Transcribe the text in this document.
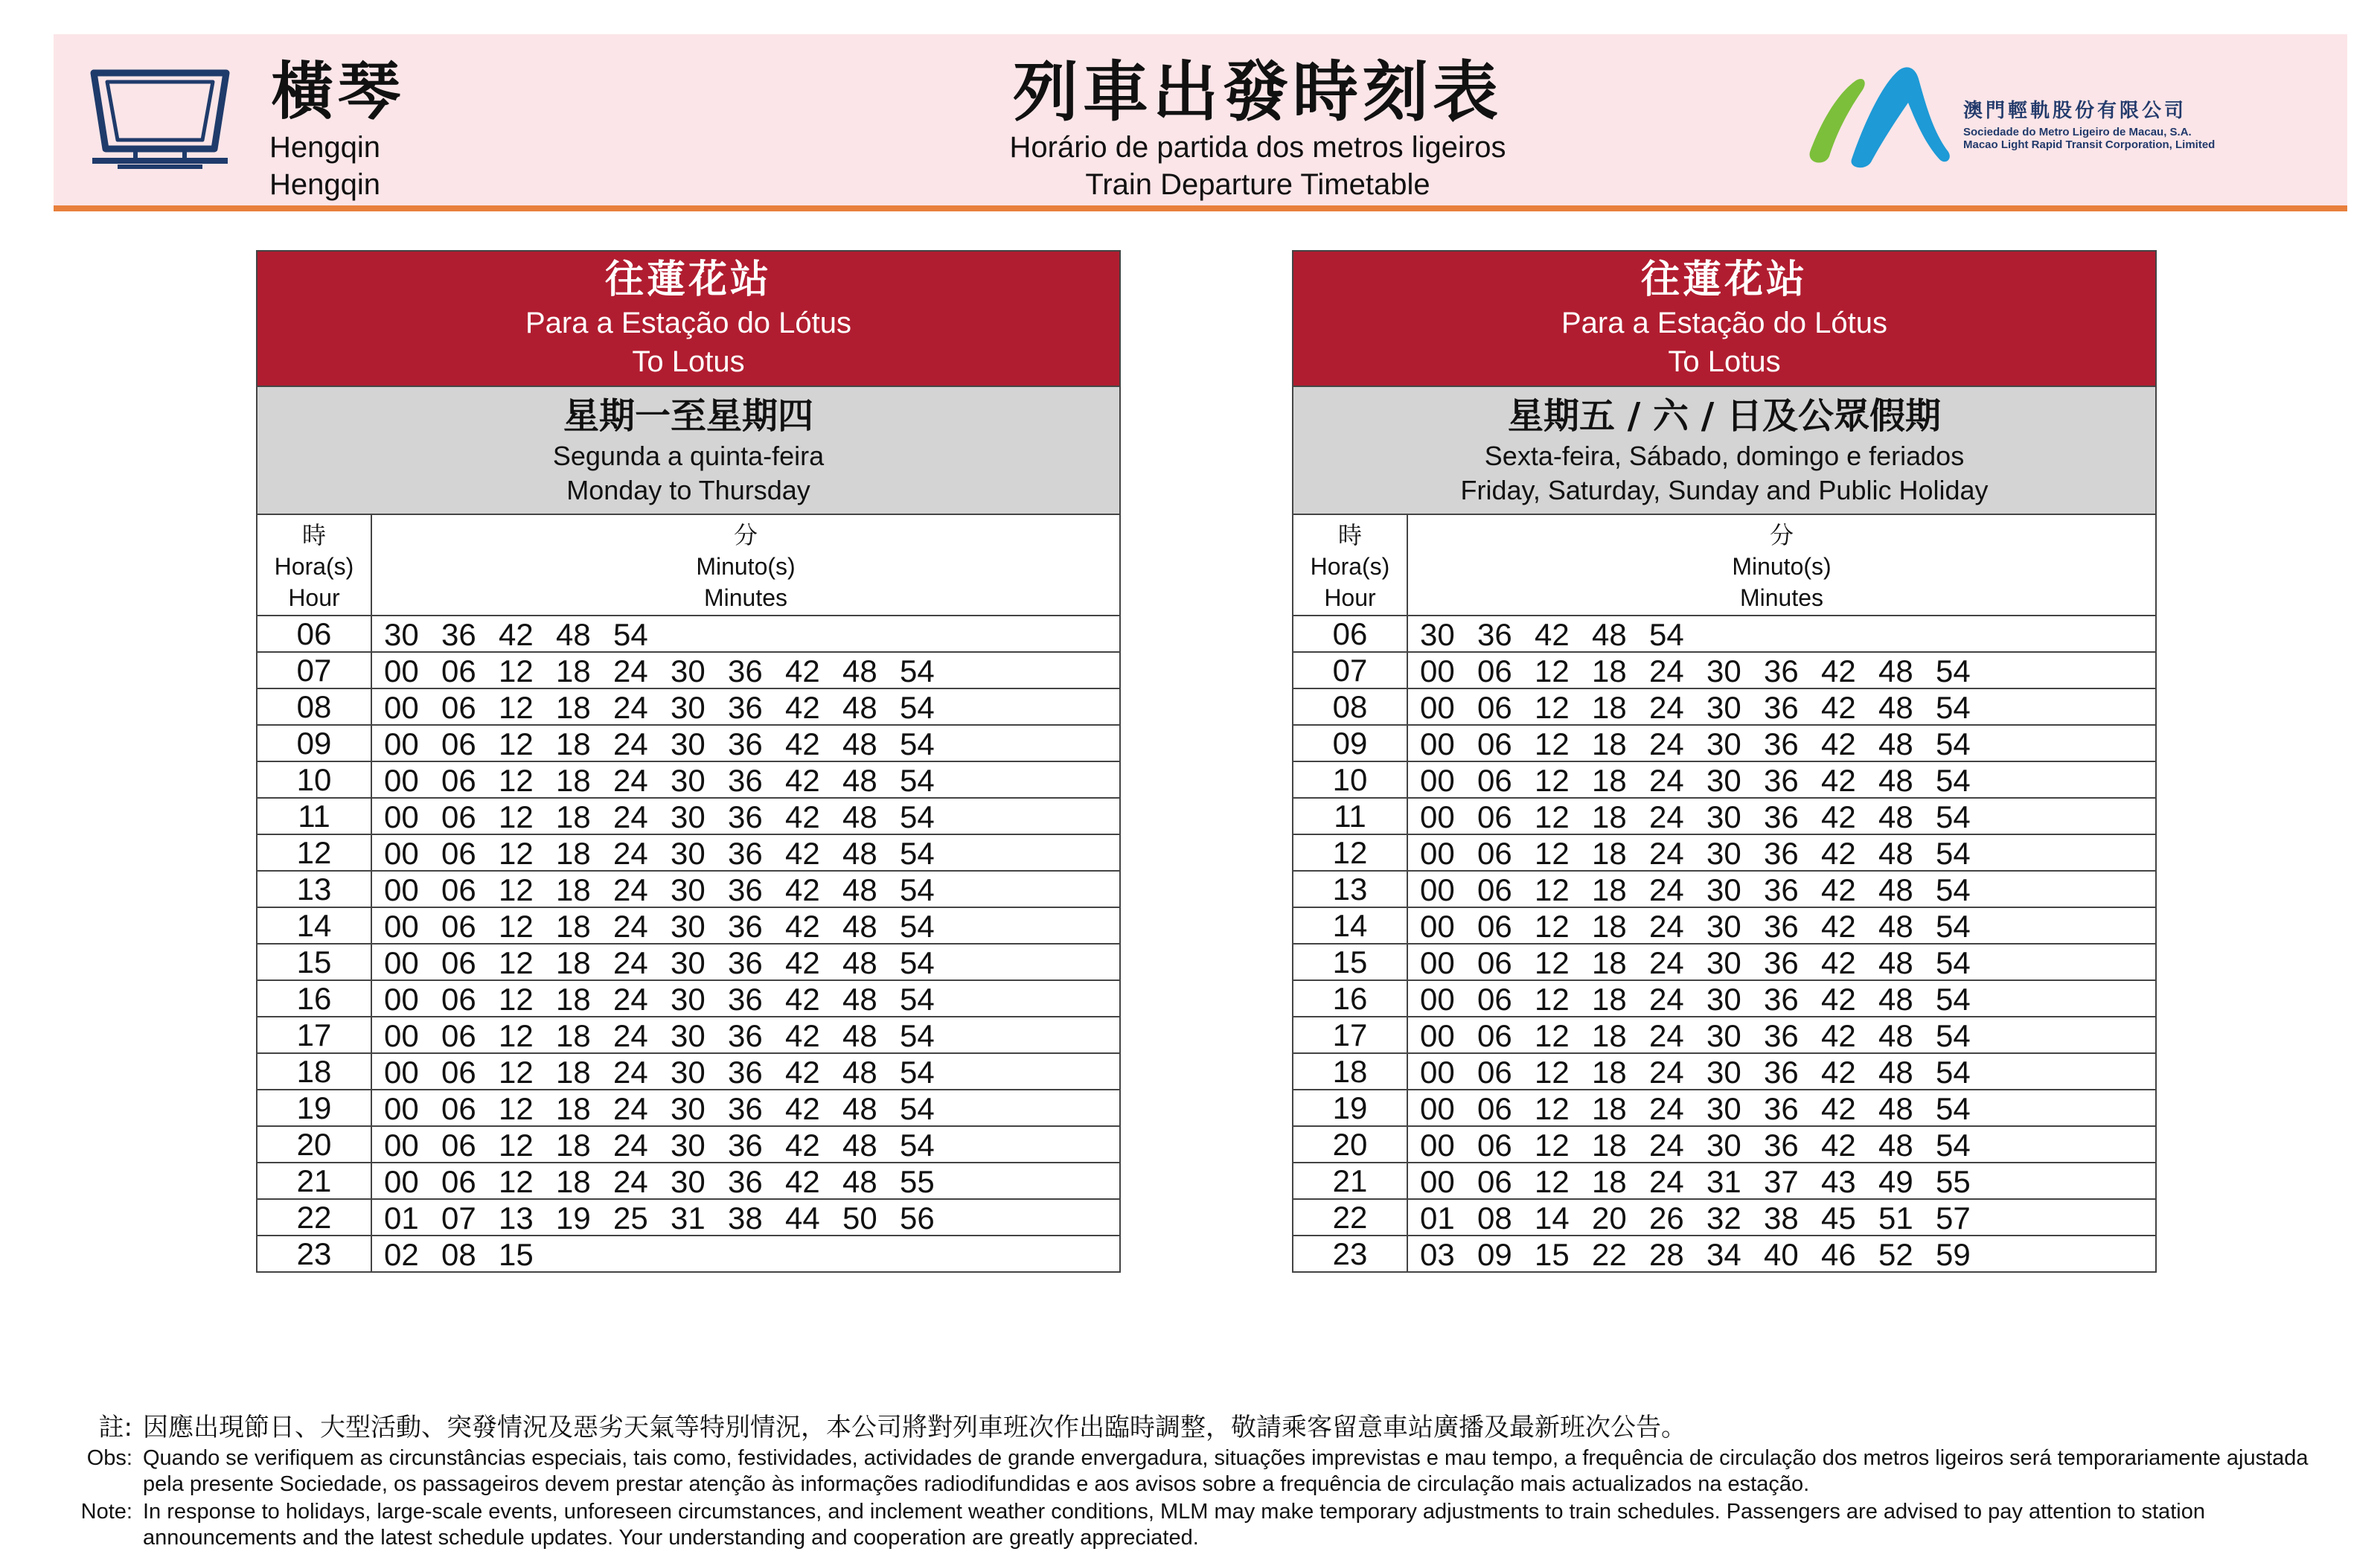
橫琴
Hengqin
Hengqin
列車出發時刻表
Horário de partida dos metros ligeiros
Train Departure Timetable
澳門輕軌股份有限公司
Sociedade do Metro Ligeiro de Macau, S.A.
Macao Light Rapid Transit Corporation, Limited
往蓮花站
Para a Estação do Lótus
To Lotus
星期一至星期四
Segunda a quinta-feira
Monday to Thursday
時
Hora(s)
Hour
分
Minuto(s)
Minutes
06	30 36 42 48 54
07	00 06 12 18 24 30 36 42 48 54
08	00 06 12 18 24 30 36 42 48 54
09	00 06 12 18 24 30 36 42 48 54
10	00 06 12 18 24 30 36 42 48 54
11	00 06 12 18 24 30 36 42 48 54
12	00 06 12 18 24 30 36 42 48 54
13	00 06 12 18 24 30 36 42 48 54
14	00 06 12 18 24 30 36 42 48 54
15	00 06 12 18 24 30 36 42 48 54
16	00 06 12 18 24 30 36 42 48 54
17	00 06 12 18 24 30 36 42 48 54
18	00 06 12 18 24 30 36 42 48 54
19	00 06 12 18 24 30 36 42 48 54
20	00 06 12 18 24 30 36 42 48 54
21	00 06 12 18 24 30 36 42 48 55
22	01 07 13 19 25 31 38 44 50 56
23	02 08 15
往蓮花站
Para a Estação do Lótus
To Lotus
星期五 / 六 / 日及公眾假期
Sexta-feira, Sábado, domingo e feriados
Friday, Saturday, Sunday and Public Holiday
時
Hora(s)
Hour
分
Minuto(s)
Minutes
06	30 36 42 48 54
07	00 06 12 18 24 30 36 42 48 54
08	00 06 12 18 24 30 36 42 48 54
09	00 06 12 18 24 30 36 42 48 54
10	00 06 12 18 24 30 36 42 48 54
11	00 06 12 18 24 30 36 42 48 54
12	00 06 12 18 24 30 36 42 48 54
13	00 06 12 18 24 30 36 42 48 54
14	00 06 12 18 24 30 36 42 48 54
15	00 06 12 18 24 30 36 42 48 54
16	00 06 12 18 24 30 36 42 48 54
17	00 06 12 18 24 30 36 42 48 54
18	00 06 12 18 24 30 36 42 48 54
19	00 06 12 18 24 30 36 42 48 54
20	00 06 12 18 24 30 36 42 48 54
21	00 06 12 18 24 31 37 43 49 55
22	01 08 14 20 26 32 38 45 51 57
23	03 09 15 22 28 34 40 46 52 59
註: 因應出現節日、大型活動、突發情況及惡劣天氣等特別情況，本公司將對列車班次作出臨時調整，敬請乘客留意車站廣播及最新班次公告。
Obs: Quando se verifiquem as circunstâncias especiais, tais como, festividades, actividades de grande envergadura, situações imprevistas e mau tempo, a frequência de circulação dos metros ligeiros será temporariamente ajustada pela presente Sociedade, os passageiros devem prestar atenção às informações radiodifundidas e aos avisos sobre a frequência de circulação mais actualizados na estação.
Note: In response to holidays, large-scale events, unforeseen circumstances, and inclement weather conditions, MLM may make temporary adjustments to train schedules. Passengers are advised to pay attention to station announcements and the latest schedule updates. Your understanding and cooperation are greatly appreciated.
